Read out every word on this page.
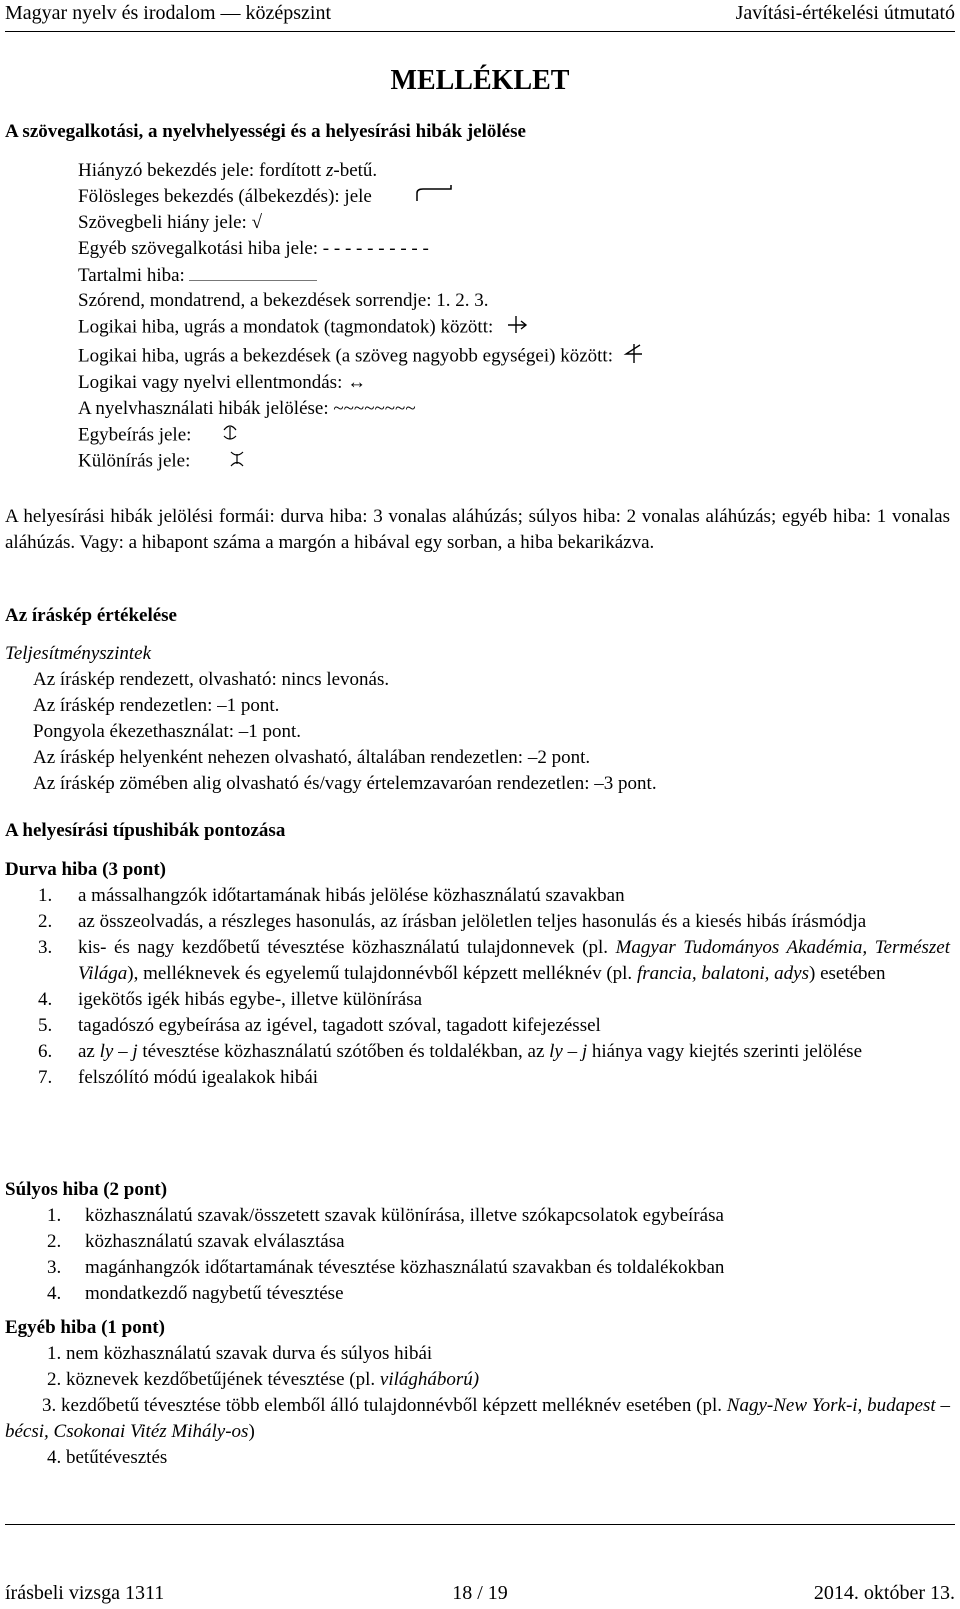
Magyar nyelv és irodalom — középszint	Javítási-értékelési útmutató
MELLÉKLET
A szövegalkotási, a nyelvhelyességi és a helyesírási hibák jelölése
Hiányzó bekezdés jele: fordított z-betű.
Fölösleges bekezdés (álbekezdés): jele
Szövegbeli hiány jele: √
Egyéb szövegalkotási hiba jele: - - - - - - - - - -
Tartalmi hiba:
Szórend, mondatrend, a bekezdések sorrendje: 1. 2. 3.
Logikai hiba, ugrás a mondatok (tagmondatok) között:
Logikai hiba, ugrás a bekezdések (a szöveg nagyobb egységei) között:
Logikai vagy nyelvi ellentmondás: ↔
A nyelvhasználati hibák jelölése: ~~~~~~~~
Egybeírás jele:
Különírás jele:
A helyesírási hibák jelölési formái: durva hiba: 3 vonalas aláhúzás; súlyos hiba: 2 vonalas aláhúzás; egyéb hiba: 1 vonalas aláhúzás. Vagy: a hibapont száma a margón a hibával egy sorban, a hiba bekarikázva.
Az íráskép értékelése
Teljesítményszintek
Az íráskép rendezett, olvasható: nincs levonás.
Az íráskép rendezetlen: –1 pont.
Pongyola ékezethasználat: –1 pont.
Az íráskép helyenként nehezen olvasható, általában rendezetlen: –2 pont.
Az íráskép zömében alig olvasható és/vagy értelemzavaróan rendezetlen: –3 pont.
A helyesírási típushibák pontozása
Durva hiba (3 pont)
1. a mássalhangzók időtartamának hibás jelölése közhasználatú szavakban
2. az összeolvadás, a részleges hasonulás, az írásban jelöletlen teljes hasonulás és a kiesés hibás írásmódja
3. kis- és nagy kezdőbetű tévesztése közhasználatú tulajdonnevek (pl. Magyar Tudományos Akadémia, Természet Világa), melléknevek és egyelemű tulajdonnévből képzett melléknév (pl. francia, balatoni, adys) esetében
4. igekötős igék hibás egybe-, illetve különírása
5. tagadószó egybeírása az igével, tagadott szóval, tagadott kifejezéssel
6. az ly – j tévesztése közhasználatú szótőben és toldalékban, az ly – j hiánya vagy kiejtés szerinti jelölése
7. felszólító módú igealakok hibái
Súlyos hiba (2 pont)
1. közhasználatú szavak/összetett szavak különírása, illetve szókapcsolatok egybeírása
2. közhasználatú szavak elválasztása
3. magánhangzók időtartamának tévesztése közhasználatú szavakban és toldalékokban
4. mondatkezdő nagybetű tévesztése
Egyéb hiba (1 pont)
1. nem közhasználatú szavak durva és súlyos hibái
2. köznevek kezdőbetűjének tévesztése (pl. világháború)
3. kezdőbetű tévesztése több elemből álló tulajdonnévből képzett melléknév esetében (pl. Nagy-New York-i, budapest – bécsi, Csokonai Vitéz Mihály-os)
4. betűtévesztés
írásbeli vizsga 1311	18 / 19	2014. október 13.
